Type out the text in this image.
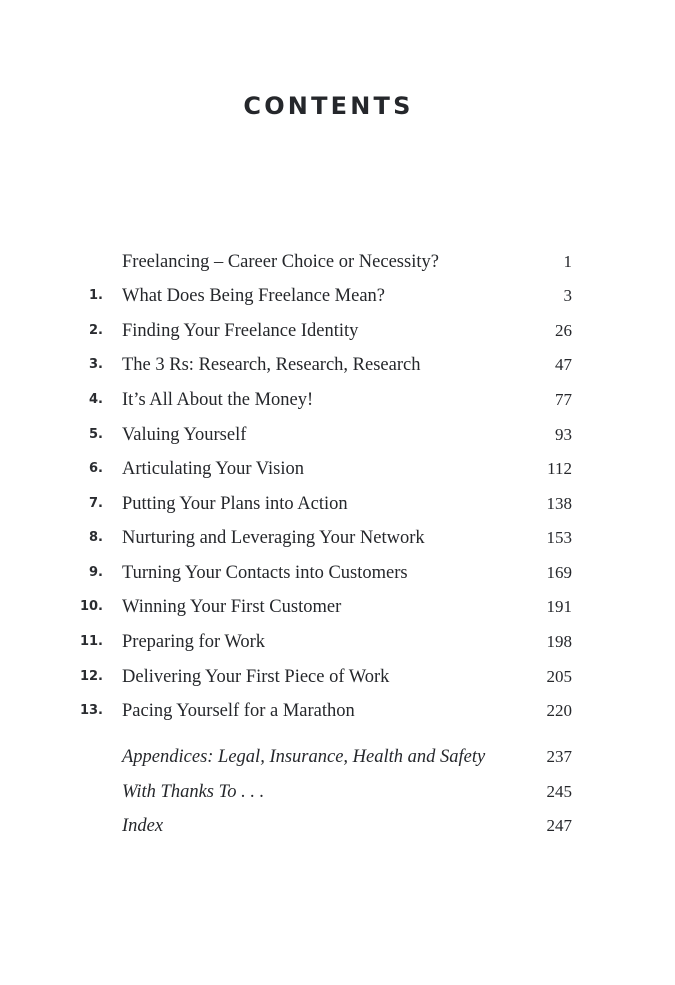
CONTENTS
Freelancing – Career Choice or Necessity?	1
1. What Does Being Freelance Mean?	3
2. Finding Your Freelance Identity	26
3. The 3 Rs: Research, Research, Research	47
4. It’s All About the Money!	77
5. Valuing Yourself	93
6. Articulating Your Vision	112
7. Putting Your Plans into Action	138
8. Nurturing and Leveraging Your Network	153
9. Turning Your Contacts into Customers	169
10. Winning Your First Customer	191
11. Preparing for Work	198
12. Delivering Your First Piece of Work	205
13. Pacing Yourself for a Marathon	220
Appendices: Legal, Insurance, Health and Safety	237
With Thanks To . . .	245
Index	247
